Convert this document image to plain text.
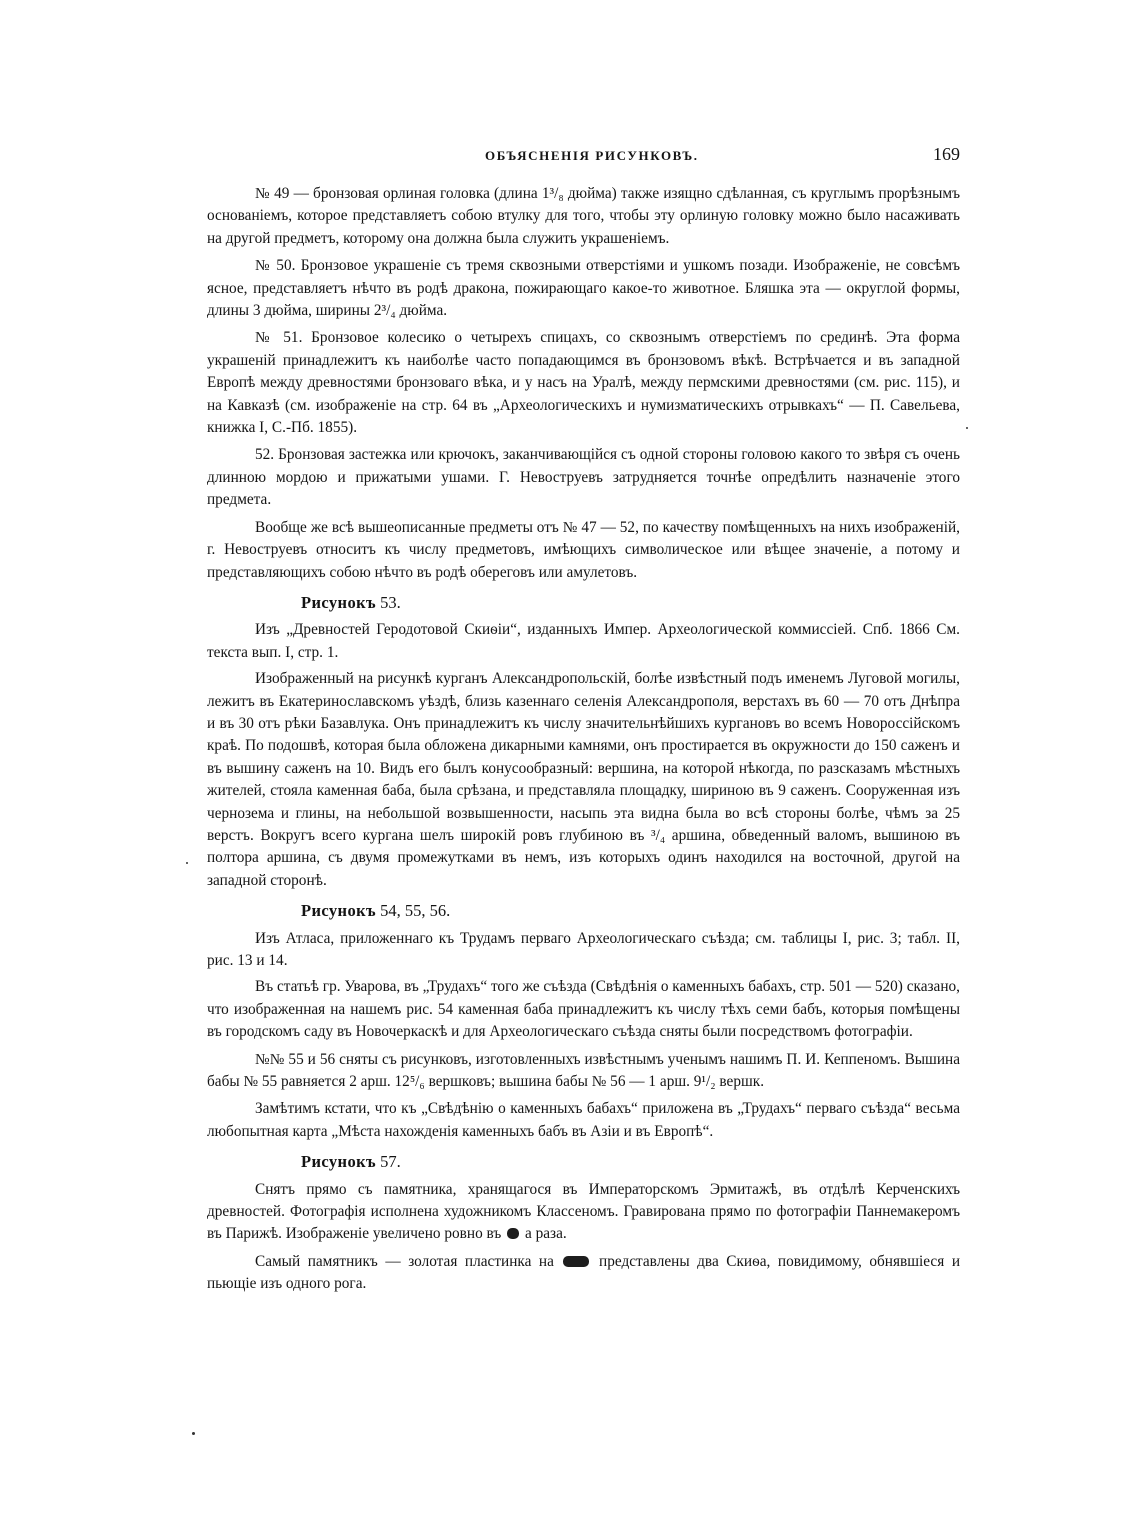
ОБЪЯСНЕНІЯ РИСУНКОВЪ.	169

№ 49 — бронзовая орлиная головка (длина 1³/₈ дюйма) также изящно сдѣланная, съ круглымъ прорѣзнымъ основаніемъ, которое представляетъ собою втулку для того, чтобы эту орлиную головку можно было насаживать на другой предметъ, которому она должна была служить украшеніемъ.

№ 50. Бронзовое украшеніе съ тремя сквозными отверстіями и ушкомъ позади. Изображеніе, не совсѣмъ ясное, представляетъ нѣчто въ родѣ дракона, пожирающаго какое-то животное. Бляшка эта — округлой формы, длины 3 дюйма, ширины 2³/₄ дюйма.

№ 51. Бронзовое колесико о четырехъ спицахъ, со сквознымъ отверстіемъ по срединѣ. Эта форма украшеній принадлежитъ къ наиболѣе часто попадающимся въ бронзовомъ вѣкѣ. Встрѣчается и въ западной Европѣ между древностями бронзоваго вѣка, и у насъ на Уралѣ, между пермскими древностями (см. рис. 115), и на Кавказѣ (см. изображеніе на стр. 64 въ „Археологическихъ и нумизматическихъ отрывкахъ“ — П. Савельева, книжка I, С.-Пб. 1855).

52. Бронзовая застежка или крючокъ, заканчивающійся съ одной стороны головою какого то звѣря съ очень длинною мордою и прижатыми ушами. Г. Невоструевъ затрудняется точнѣе опредѣлить назначеніе этого предмета.

Вообще же всѣ вышеописанные предметы отъ № 47 — 52, по качеству помѣщенныхъ на нихъ изображеній, г. Невоструевъ относитъ къ числу предметовъ, имѣющихъ символическое или вѣщее значеніе, а потому и представляющихъ собою нѣчто въ родѣ обереговъ или амулетовъ.

Рисунокъ 53.

Изъ „Древностей Геродотовой Скиѳіи“, изданныхъ Импер. Археологической коммиссіей. Спб. 1866 См. текста вып. I, стр. 1.

Изображенный на рисункѣ курганъ Александропольскій, болѣе извѣстный подъ именемъ Луговой могилы, лежитъ въ Екатеринославскомъ уѣздѣ, близь казеннаго селенія Александрополя, верстахъ въ 60 — 70 отъ Днѣпра и въ 30 отъ рѣки Базавлука. Онъ принадлежитъ къ числу значительнѣйшихъ кургановъ во всемъ Новороссійскомъ краѣ. По подошвѣ, которая была обложена дикарными камнями, онъ простирается въ окружности до 150 саженъ и въ вышину саженъ на 10. Видъ его былъ конусообразный: вершина, на которой нѣкогда, по разсказамъ мѣстныхъ жителей, стояла каменная баба, была срѣзана, и представляла площадку, шириною въ 9 саженъ. Сооруженная изъ чернозема и глины, на небольшой возвышенности, насыпь эта видна была во всѣ стороны болѣе, чѣмъ за 25 верстъ. Вокругъ всего кургана шелъ широкій ровъ глубиною въ ³/₄ аршина, обведенный валомъ, вышиною въ полтора аршина, съ двумя промежутками въ немъ, изъ которыхъ одинъ находился на восточной, другой на западной сторонѣ.

Рисунокъ 54, 55, 56.

Изъ Атласа, приложеннаго къ Трудамъ перваго Археологическаго съѣзда; см. таблицы I, рис. 3; табл. II, рис. 13 и 14.

Въ статьѣ гр. Уварова, въ „Трудахъ“ того же съѣзда (Свѣдѣнія о каменныхъ бабахъ, стр. 501 — 520) сказано, что изображенная на нашемъ рис. 54 каменная баба принадлежитъ къ числу тѣхъ семи бабъ, которыя помѣщены въ городскомъ саду въ Новочеркаскѣ и для Археологическаго съѣзда сняты были посредствомъ фотографіи.

№№ 55 и 56 сняты съ рисунковъ, изготовленныхъ извѣстнымъ ученымъ нашимъ П. И. Кеппеномъ. Вышина бабы № 55 равняется 2 арш. 12⁵/₆ вершковъ; вышина бабы № 56 — 1 арш. 9¹/₂ вершк.

Замѣтимъ кстати, что къ „Свѣдѣнію о каменныхъ бабахъ“ приложена въ „Трудахъ“ перваго съѣзда“ весьма любопытная карта „Мѣста нахожденія каменныхъ бабъ въ Азіи и въ Европѣ“.

Рисунокъ 57.

Снятъ прямо съ памятника, хранящагося въ Императорскомъ Эрмитажѣ, въ отдѣлѣ Керченскихъ древностей. Фотографія исполнена художникомъ Классеномъ. Гравирована прямо по фотографіи Паннемакеромъ въ Парижѣ. Изображеніе увеличено ровно въ а раза.

Самый памятникъ — золотая пластинка на	представлены два Скиѳа, повидимому, обнявшіеся и пьющіе изъ одного рога.
